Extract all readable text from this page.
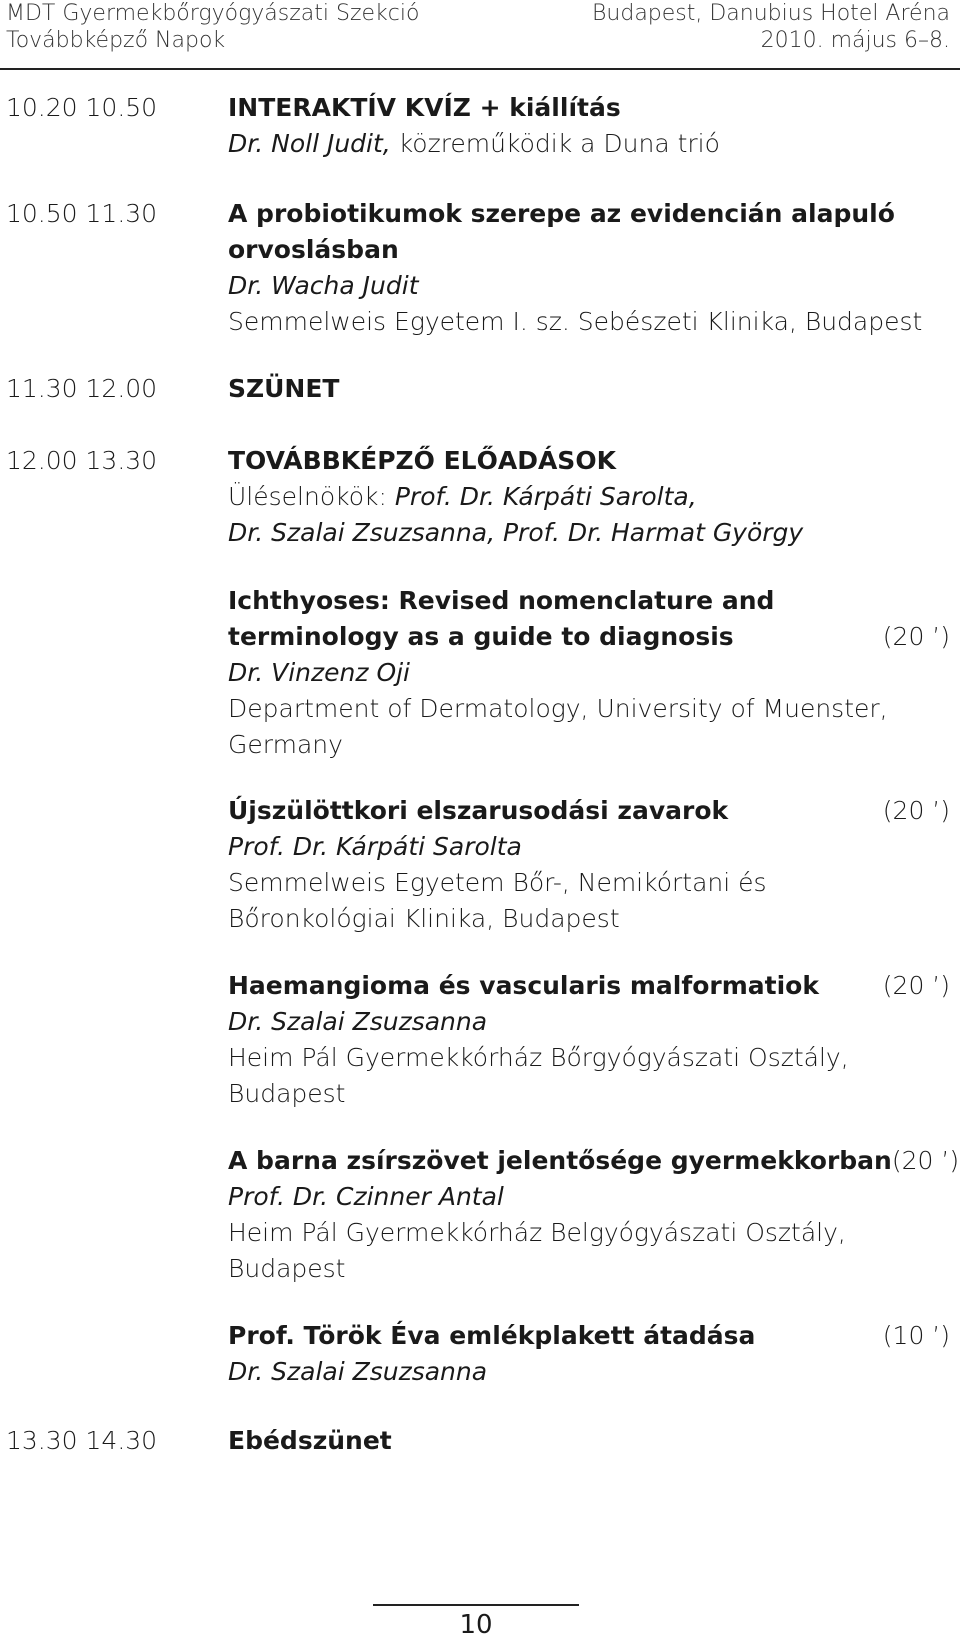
MDT Gyermekbőrgyógyászati Szekció
Továbbképző Napok
Budapest, Danubius Hotel Aréna
2010. május 6–8.
10.20 10.50	INTERAKTÍV KVÍZ + kiállítás
Dr. Noll Judit, közreműködik a Duna trió
10.50 11.30	A probiotikumok szerepe az evidencián alapuló
orvoslásban
Dr. Wacha Judit
Semmelweis Egyetem I. sz. Sebészeti Klinika, Budapest
11.30 12.00	SZÜNET
12.00 13.30	TOVÁBBKÉPZŐ ELŐADÁSOK
Üléselnökök: Prof. Dr. Kárpáti Sarolta,
Dr. Szalai Zsuzsanna, Prof. Dr. Harmat György
Ichthyoses: Revised nomenclature and
terminology as a guide to diagnosis	(20 ’)
Dr. Vinzenz Oji
Department of Dermatology, University of Muenster,
Germany
Újszülöttkori elszarusodási zavarok	(20 ’)
Prof. Dr. Kárpáti Sarolta
Semmelweis Egyetem Bőr-, Nemikórtani és
Bőronkológiai Klinika, Budapest
Haemangioma és vascularis malformatiok	(20 ’)
Dr. Szalai Zsuzsanna
Heim Pál Gyermekkórház Bőrgyógyászati Osztály,
Budapest
A barna zsírszövet jelentősége gyermekkorban (20 ’)
Prof. Dr. Czinner Antal
Heim Pál Gyermekkórház Belgyógyászati Osztály,
Budapest
Prof. Török Éva emlékplakett átadása	(10 ’)
Dr. Szalai Zsuzsanna
13.30 14.30	Ebédszünet
10
